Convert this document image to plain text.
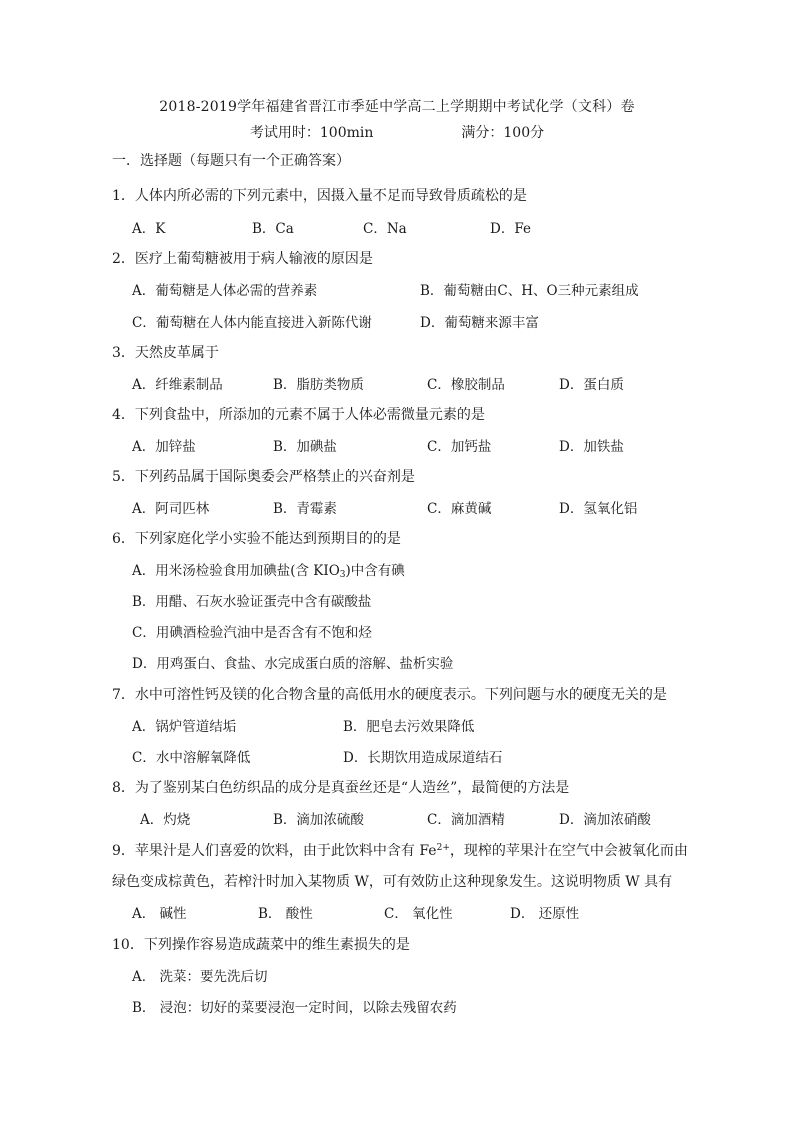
2018-2019学年福建省晋江市季延中学高二上学期期中考试化学（文科）卷
考试用时：100min	满分：100分
一．选择题（每题只有一个正确答案）
1．人体内所必需的下列元素中，因摄入量不足而导致骨质疏松的是
A．K	B．Ca	C．Na	D．Fe
2．医疗上葡萄糖被用于病人输液的原因是
A．葡萄糖是人体必需的营养素	B．葡萄糖由C、H、O三种元素组成
C．葡萄糖在人体内能直接进入新陈代谢	D．葡萄糖来源丰富
3．天然皮革属于
A．纤维素制品	B．脂肪类物质	C．橡胶制品	D．蛋白质
4．下列食盐中，所添加的元素不属于人体必需微量元素的是
A．加锌盐	B．加碘盐	C．加钙盐	D．加铁盐
5．下列药品属于国际奥委会严格禁止的兴奋剂是
A．阿司匹林	B．青霉素	C．麻黄碱	D．氢氧化铝
6．下列家庭化学小实验不能达到预期目的的是
A．用米汤检验食用加碘盐(含 $KIO_3$)中含有碘
B．用醋、石灰水验证蛋壳中含有碳酸盐
C．用碘酒检验汽油中是否含有不饱和烃
D．用鸡蛋白、食盐、水完成蛋白质的溶解、盐析实验
7．水中可溶性钙及镁的化合物含量的高低用水的硬度表示。下列问题与水的硬度无关的是
A．锅炉管道结垢	B．肥皂去污效果降低
C．水中溶解氧降低	D．长期饮用造成尿道结石
8．为了鉴别某白色纺织品的成分是真蚕丝还是“人造丝”，最简便的方法是
A．灼烧	B．滴加浓硫酸	C．滴加酒精	D．滴加浓硝酸
9．苹果汁是人们喜爱的饮料，由于此饮料中含有 $Fe^{2+}$，现榨的苹果汁在空气中会被氧化而由
绿色变成棕黄色，若榨汁时加入某物质 W，可有效防止这种现象发生。这说明物质 W 具有
A． 碱性	B． 酸性	C． 氧化性	D． 还原性
10．下列操作容易造成蔬菜中的维生素损失的是
A． 洗菜：要先洗后切
B． 浸泡：切好的菜要浸泡一定时间，以除去残留农药
